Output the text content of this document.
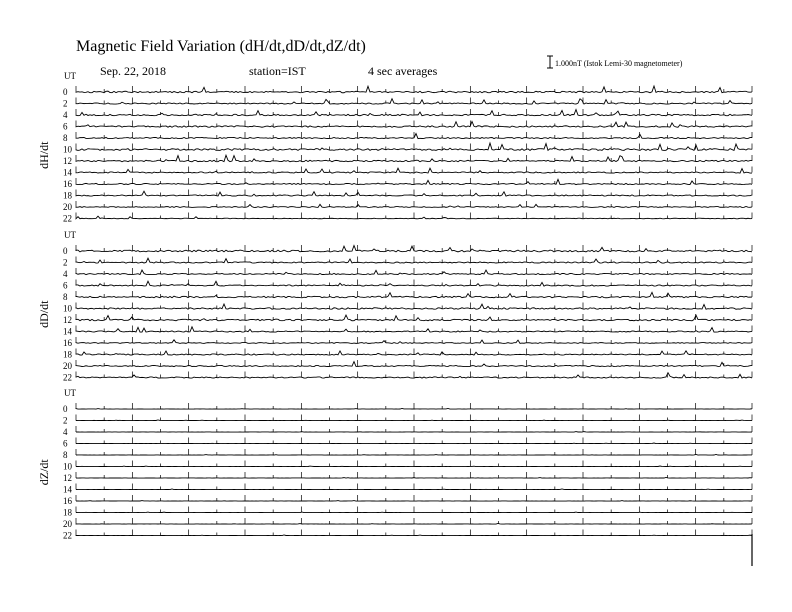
Magnetic Field Variation (dH/dt,dD/dt,dZ/dt)
Sep. 22, 2018	station=IST	4 sec averages
1.000nT (Istok Lemi-30 magnetometer)
UT
dH/dt
0
2
4
6
8
10
12
14
16
18
20
22
UT
dD/dt
0
2
4
6
8
10
12
14
16
18
20
22
UT
dZ/dt
0
2
4
6
8
10
12
14
16
18
20
22
